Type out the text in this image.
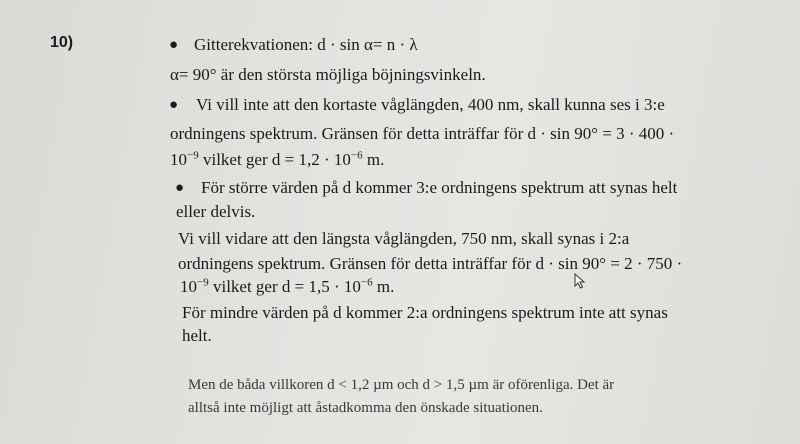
10)	● Gitterekvationen: d · sin α= n · λ
α= 90° är den största möjliga böjningsvinkeln.
● Vi vill inte att den kortaste våglängden, 400 nm, skall kunna ses i 3:e
ordningens spektrum. Gränsen för detta inträffar för d · sin 90° = 3 · 400 ·
$10^{-9}$ vilket ger $d = 1,2 \cdot 10^{-6}$ m.
● För större värden på d kommer 3:e ordningens spektrum att synas helt
eller delvis.
Vi vill vidare att den längsta våglängden, 750 nm, skall synas i 2:a
ordningens spektrum. Gränsen för detta inträffar för d · sin 90° = 2 · 750 ·
$10^{-9}$ vilket ger $d = 1,5 \cdot 10^{-6}$ m.
För mindre värden på d kommer 2:a ordningens spektrum inte att synas
helt.
Men de båda villkoren d < 1,2 µm och d > 1,5 µm är oförenliga. Det är
alltså inte möjligt att åstadkomma den önskade situationen.
